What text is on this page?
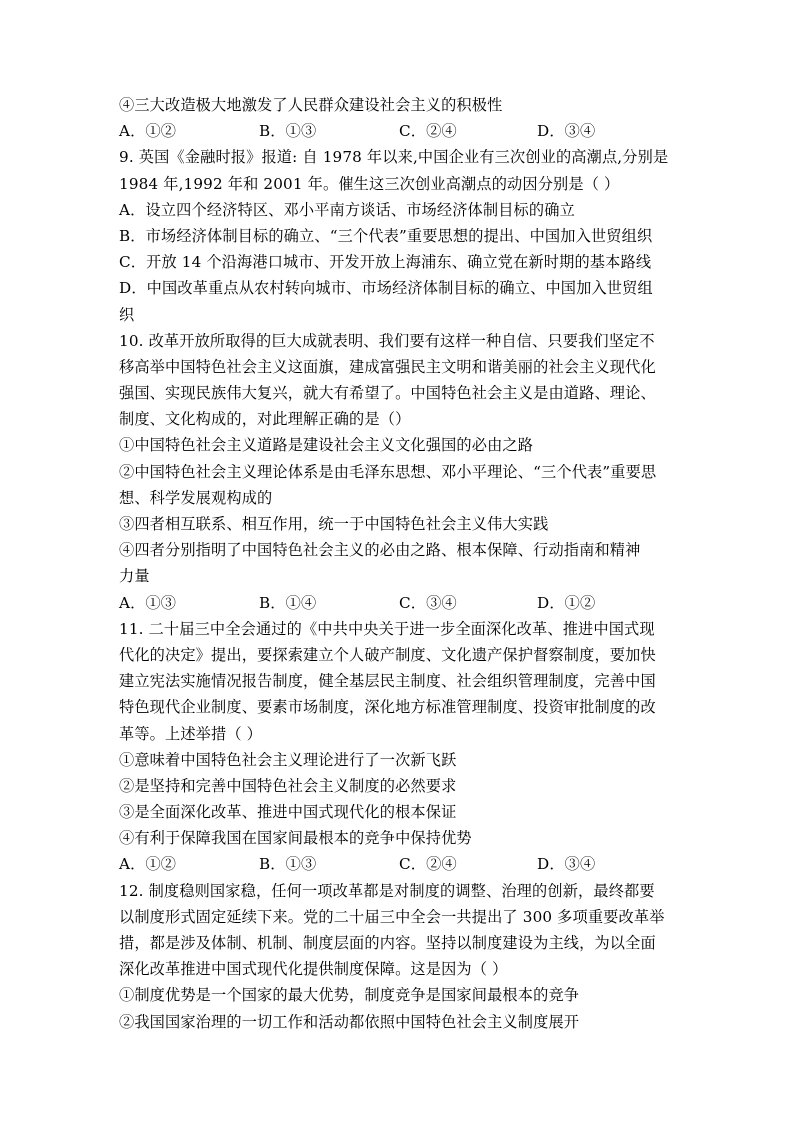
④三大改造极大地激发了人民群众建设社会主义的积极性
A．①②	B．①③	C．②④	D．③④
9. 英国《金融时报》报道: 自 1978 年以来,中国企业有三次创业的高潮点,分别是
1984 年,1992 年和 2001 年。催生这三次创业高潮点的动因分别是（ ）
A．设立四个经济特区、邓小平南方谈话、市场经济体制目标的确立
B．市场经济体制目标的确立、“三个代表”重要思想的提出、中国加入世贸组织
C．开放 14 个沿海港口城市、开发开放上海浦东、确立党在新时期的基本路线
D．中国改革重点从农村转向城市、市场经济体制目标的确立、中国加入世贸组
织
10. 改革开放所取得的巨大成就表明、我们要有这样一种自信、只要我们坚定不
移高举中国特色社会主义这面旗，建成富强民主文明和谐美丽的社会主义现代化
强国、实现民族伟大复兴，就大有希望了。中国特色社会主义是由道路、理论、
制度、文化构成的，对此理解正确的是（）
①中国特色社会主义道路是建设社会主义文化强国的必由之路
②中国特色社会主义理论体系是由毛泽东思想、邓小平理论、“三个代表”重要思
想、科学发展观构成的
③四者相互联系、相互作用，统一于中国特色社会主义伟大实践
④四者分别指明了中国特色社会主义的必由之路、根本保障、行动指南和精神
力量
A．①③	B．①④	C．③④	D．①②
11. 二十届三中全会通过的《中共中央关于进一步全面深化改革、推进中国式现
代化的决定》提出，要探索建立个人破产制度、文化遗产保护督察制度，要加快
建立宪法实施情况报告制度，健全基层民主制度、社会组织管理制度，完善中国
特色现代企业制度、要素市场制度，深化地方标准管理制度、投资审批制度的改
革等。上述举措（ ）
①意味着中国特色社会主义理论进行了一次新飞跃
②是坚持和完善中国特色社会主义制度的必然要求
③是全面深化改革、推进中国式现代化的根本保证
④有利于保障我国在国家间最根本的竞争中保持优势
A．①②	B．①③	C．②④	D．③④
12. 制度稳则国家稳，任何一项改革都是对制度的调整、治理的创新，最终都要
以制度形式固定延续下来。党的二十届三中全会一共提出了 300 多项重要改革举
措，都是涉及体制、机制、制度层面的内容。坚持以制度建设为主线，为以全面
深化改革推进中国式现代化提供制度保障。这是因为（ ）
①制度优势是一个国家的最大优势，制度竞争是国家间最根本的竞争
②我国国家治理的一切工作和活动都依照中国特色社会主义制度展开
